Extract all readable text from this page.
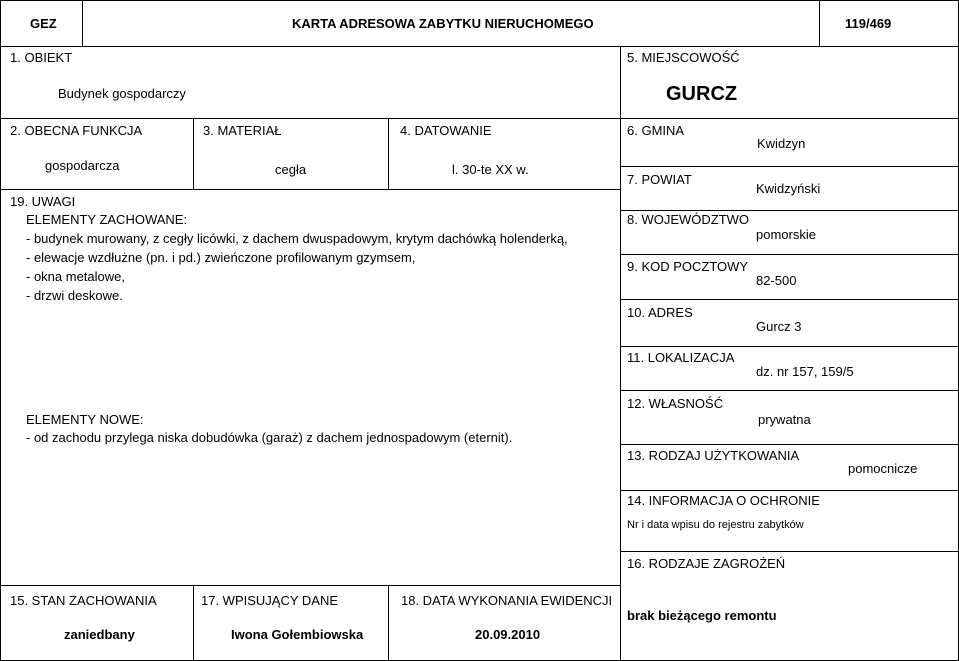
GEZ	KARTA ADRESOWA ZABYTKU NIERUCHOMEGO	119/469
1. OBIEKT
Budynek gospodarczy
2. OBECNA FUNKCJA
gospodarcza
3. MATERIAŁ
cegła
4. DATOWANIE
l. 30-te XX w.
19. UWAGI
ELEMENTY ZACHOWANE:
- budynek murowany, z cegły licówki, z dachem dwuspadowym, krytym dachówką holenderką,
- elewacje wzdłużne (pn. i pd.) zwieńczone profilowanym gzymsem,
- okna metalowe,
- drzwi deskowe.
ELEMENTY NOWE:
- od zachodu przylega niska dobudówka (garaż) z dachem jednospadowym (eternit).
5. MIEJSCOWOŚĆ
GURCZ
6. GMINA
Kwidzyn
7. POWIAT
Kwidzyński
8. WOJEWÓDZTWO
pomorskie
9. KOD POCZTOWY
82-500
10. ADRES
Gurcz 3
11. LOKALIZACJA
dz. nr 157, 159/5
12. WŁASNOŚĆ
prywatna
13. RODZAJ UŻYTKOWANIA
pomocnicze
14. INFORMACJA O OCHRONIE
Nr i data wpisu do rejestru zabytków
16. RODZAJE ZAGROŻEŃ
brak bieżącego remontu
15. STAN ZACHOWANIA
zaniedbany
17. WPISUJĄCY DANE
Iwona Gołembiowska
18. DATA WYKONANIA EWIDENCJI
20.09.2010
